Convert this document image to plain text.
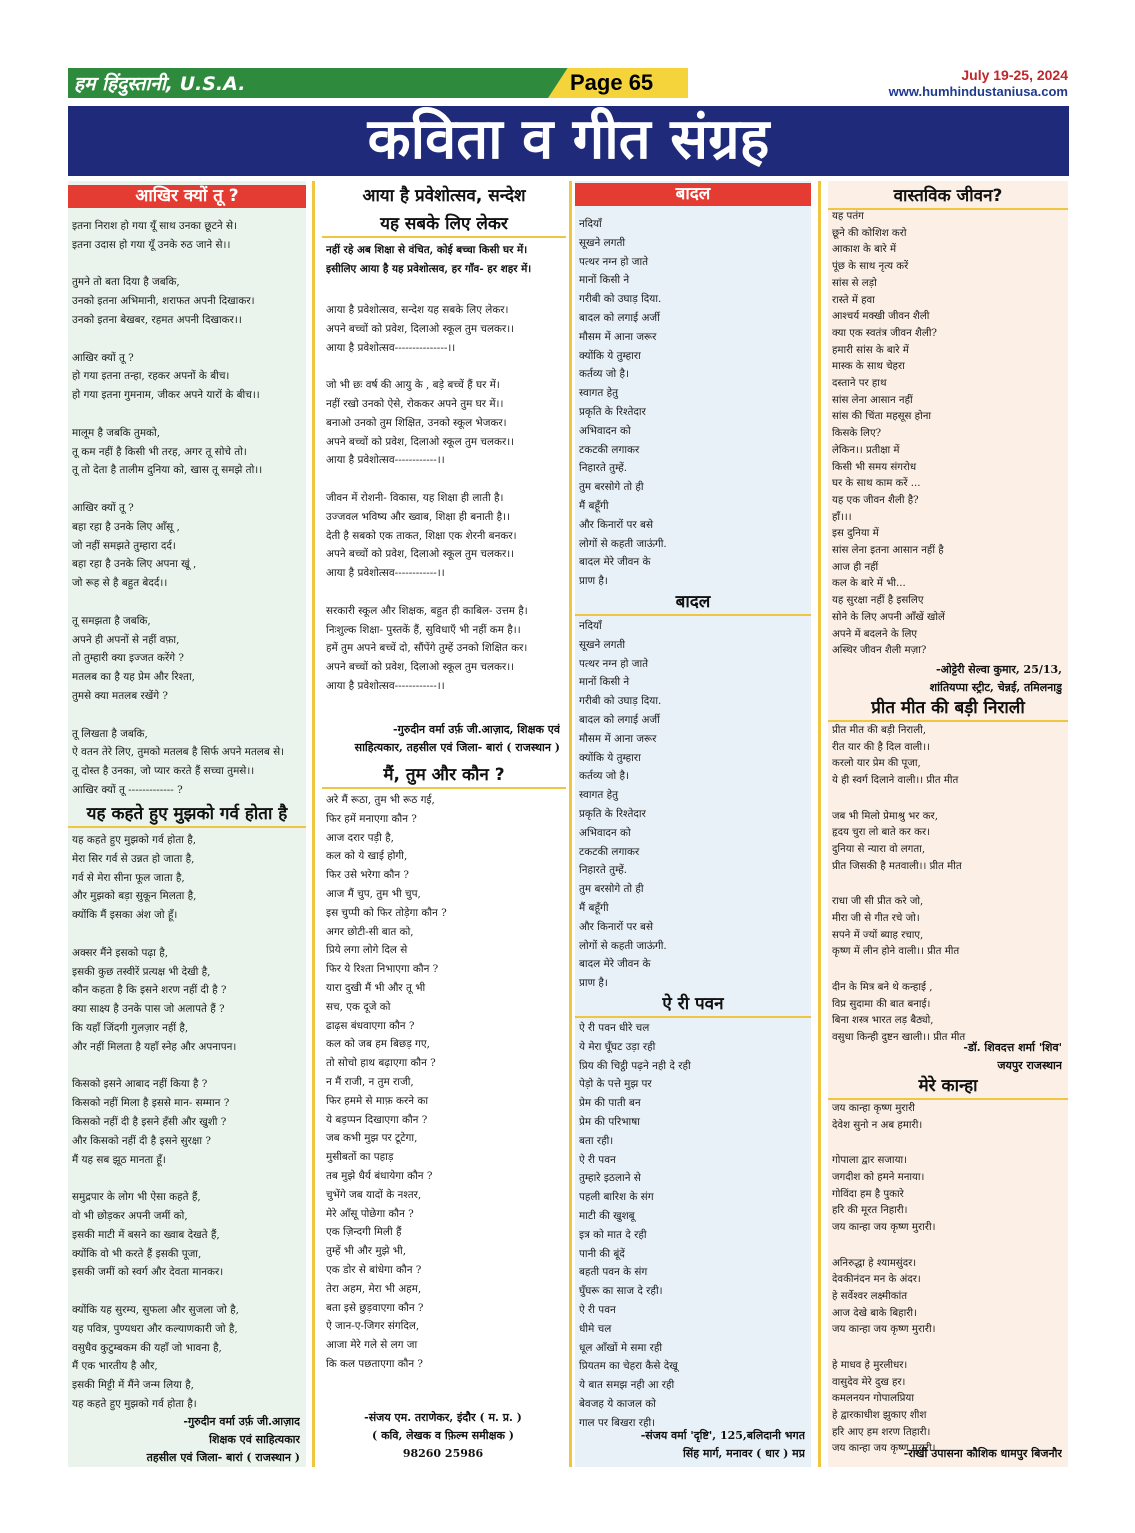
हम हिंदुस्तानी, U.S.A.	Page 65	July 19-25, 2024
www.humhindustaniusa.com
कविता व गीत संग्रह
आखिर क्यों तू ?

इतना निराश हो गया यूँ साथ उनका छूटने से।

इतना उदास हो गया यूँ उनके रुठ जाने से।।

तुमने तो बता दिया है जबकि,

उनको इतना अभिमानी, शराफत अपनी दिखाकर।

उनको इतना बेखबर, रहमत अपनी दिखाकर।।

आखिर क्यों तू ?

हो गया इतना तन्हा, रहकर अपनों के बीच।

हो गया इतना गुमनाम, जीकर अपने यारों के बीच।।

मालूम है जबकि तुमको,

तू कम नहीं है किसी भी तरह, अगर तू सोचे तो।

तू तो देता है तालीम दुनिया को, खास तू समझे तो।।

आखिर क्यों तू ?

बहा रहा है उनके लिए आँसू ,

जो नहीं समझते तुम्हारा दर्द।

बहा रहा है उनके लिए अपना खूं ,

जो रूह से है बहुत बेदर्द।।

तू समझता है जबकि,

अपने ही अपनों से नहीं वफ़ा,

तो तुम्हारी क्या इज्जत करेंगे ?

मतलब का है यह प्रेम और रिश्ता,

तुमसे क्या मतलब रखेंगे ?

तू लिखता है जबकि,

ऐ वतन तेरे लिए, तुमको मतलब है सिर्फ अपने मतलब से।

तू दोस्त है उनका, जो प्यार करते हैं सच्चा तुमसे।।

आखिर क्यों तू ------------- ?

यह कहते हुए मुझको गर्व होता है

यह कहते हुए मुझको गर्व होता है,

मेरा सिर गर्व से उन्नत हो जाता है,

गर्व से मेरा सीना फूल जाता है,

और मुझको बड़ा सुकून मिलता है,

क्योंकि मैं इसका अंश जो हूँ।

अक्सर मैंने इसको पढ़ा है,

इसकी कुछ तस्वीरें प्रत्यक्ष भी देखी है,

कौन कहता है कि इसने शरण नहीं दी है ?

क्या साक्ष्य है उनके पास जो अलापते हैं ?

कि यहाँ जिंदगी गुलज़ार नहीं है,

और नहीं मिलता है यहाँ स्नेह और अपनापन।

किसको इसने आबाद नहीं किया है ?

किसको नहीं मिला है इससे मान- सम्मान ?

किसको नहीं दी है इसने हँसी और खुशी ?

और किसको नहीं दी है इसने सुरक्षा ?

मैं यह सब झूठ मानता हूँ।

समुद्रपार के लोग भी ऐसा कहते हैं,

वो भी छोड़कर अपनी जमीं को,

इसकी माटी में बसने का ख्वाब देखते हैं,

क्योंकि वो भी करते हैं इसकी पूजा,

इसकी जमीं को स्वर्ग और देवता मानकर।

क्योंकि यह सुरम्य, सुफला और सुजला जो है,

यह पवित्र, पुण्यधरा और कल्याणकारी जो है,

वसुधैव कुटुम्बकम की यहाँ जो भावना है,

मैं एक भारतीय है और,

इसकी मिट्टी में मैंने जन्म लिया है,

यह कहते हुए मुझको गर्व होता है।

-गुरुदीन वर्मा उर्फ़ जी.आज़ाद

शिक्षक एवं साहित्यकार

तहसील एवं जिला- बारां ( राजस्थान )

आया है प्रवेशोत्सव, सन्देश
यह सबके लिए लेकर

नहीं रहे अब शिक्षा से वंचित, कोई बच्चा किसी घर में।

इसीलिए आया है यह प्रवेशोत्सव, हर गाँव- हर शहर में।

आया है प्रवेशोत्सव, सन्देश यह सबके लिए लेकर।

अपने बच्चों को प्रवेश, दिलाओ स्कूल तुम चलकर।।

आया है प्रवेशोत्सव---------------।।

जो भी छः वर्ष की आयु के , बड़े बच्चें हैं घर में।

नहीं रखो उनको ऐसे, रोककर अपने तुम घर में।।

बनाओ उनको तुम शिक्षित, उनको स्कूल भेजकर।

अपने बच्चों को प्रवेश, दिलाओ स्कूल तुम चलकर।।

आया है प्रवेशोत्सव------------।।

जीवन में रोशनी- विकास, यह शिक्षा ही लाती है।

उज्जवल भविष्य और ख्वाब, शिक्षा ही बनाती है।।

देती है सबको एक ताकत, शिक्षा एक शेरनी बनकर।

अपने बच्चों को प्रवेश, दिलाओ स्कूल तुम चलकर।।

आया है प्रवेशोत्सव------------।।

सरकारी स्कूल और शिक्षक, बहुत ही काबिल- उत्तम है।

निःशुल्क शिक्षा- पुस्तकें हैं, सुविधाएँ भी नहीं कम है।।

हमें तुम अपने बच्चें दो, सौंपेंगे तुम्हें उनको शिक्षित कर।

अपने बच्चों को प्रवेश, दिलाओ स्कूल तुम चलकर।।

आया है प्रवेशोत्सव------------।।

-गुरुदीन वर्मा उर्फ़ जी.आज़ाद, शिक्षक एवं

साहित्यकार, तहसील एवं जिला- बारां ( राजस्थान )

मैं, तुम और कौन ?

अरे मैं रूठा, तुम भी रूठ गई,

फिर हमें मनाएगा कौन ?

आज दरार पड़ी है,

कल को ये खाई होगी,

फिर उसे भरेगा कौन ?

आज मैं चुप, तुम भी चुप,

इस चुप्पी को फिर तोड़ेगा कौन ?

अगर छोटी-सी बात को,

प्रिये लगा लोगे दिल से

फिर ये रिश्ता निभाएगा कौन ?

यारा दुखी मैं भी और तू भी

सच, एक दूजे को

ढाढ़स बंधवाएगा कौन ?

कल को जब हम बिछड़ गए,

तो सोचो हाथ बढ़ाएगा कौन ?

न मैं राजी, न तुम राजी,

फिर हममे से माफ़ करने का

ये बड़प्पन दिखाएगा कौन ?

जब कभी मुझ पर टूटेगा,

मुसीबतों का पहाड़

तब मुझे धैर्य बंधायेगा कौन ?

चुभेंगे जब यादों के नश्तर,

मेरे आँसू पोछेगा कौन ?

एक ज़िन्दगी मिली हैं

तुम्हें भी और मुझे भी,

एक डोर से बांधेगा कौन ?

तेरा अहम, मेरा भी अहम,

बता इसे छुड़वाएगा कौन ?

ऐ जान-ए-जिगर संगदिल,

आजा मेरे गले से लग जा

कि कल पछताएगा कौन ?

-संजय एम. तराणेकर, इंदौर ( म. प्र. )

( कवि, लेखक व फ़िल्म समीक्षक )

98260 25986

बादल

नदियाँ

सूखने लगती

पत्थर नग्न हो जाते

मानों किसी ने

गरीबी को उघाड़ दिया.

बादल को लगाई अर्जी

मौसम में आना जरूर

क्योंकि ये तुम्हारा

कर्तव्य जो है।

स्वागत हेतु

प्रकृति के रिश्तेदार

अभिवादन को

टकटकी लगाकर

निहारते तुम्हें.

तुम बरसोगे तो ही

मैं बहूँगी

और किनारों पर बसे

लोगों से कहती जाऊंगी.

बादल मेरे जीवन के

प्राण है।

बादल

नदियाँ

सूखने लगती

पत्थर नग्न हो जाते

मानों किसी ने

गरीबी को उघाड़ दिया.

बादल को लगाई अर्जी

मौसम में आना जरूर

क्योंकि ये तुम्हारा

कर्तव्य जो है।

स्वागत हेतु

प्रकृति के रिश्तेदार

अभिवादन को

टकटकी लगाकर

निहारते तुम्हें.

तुम बरसोगे तो ही

मैं बहूँगी

और किनारों पर बसे

लोगों से कहती जाऊंगी.

बादल मेरे जीवन के

प्राण है।

ऐ री पवन

ऐ री पवन धीरे चल

ये मेरा घूँघट उड़ा रही

प्रिय की चिट्ठी पढ़ने नही दे रही

पेड़ो के पत्ते मुझ पर

प्रेम की पाती बन

प्रेम की परिभाषा

बता रही।

ऐ री पवन

तुम्हारे इठलाने से

पहली बारिश के संग

माटी की खुशबू

इत्र को मात दे रही

पानी की बूंदें

बहती पवन के संग

घुँघरू का साज दे रही।

ऐ री पवन

धीमे चल

धूल आँखों मे समा रही

प्रियतम का चेहरा कैसे देखू

ये बात समझ नही आ रही

बेवजह ये काजल को

गाल पर बिखरा रही।

-संजय वर्मा 'दृष्टि', 125,बलिदानी भगत

सिंह मार्ग, मनावर ( धार ) मप्र

वास्तविक जीवन?

यह पतंग

छूने की कोशिश करो

आकाश के बारे में

पूंछ के साथ नृत्य करें

सांस से लड़ो

रास्ते में हवा

आश्चर्य मक्खी जीवन शैली

क्या एक स्वतंत्र जीवन शैली?

हमारी सांस के बारे में

मास्क के साथ चेहरा

दस्ताने पर हाथ

सांस लेना आसान नहीं

सांस की चिंता महसूस होना

किसके लिए?

लेकिन।। प्रतीक्षा में

किसी भी समय संगरोध

घर के साथ काम करें ...

यह एक जीवन शैली है?

हाँ।।।

इस दुनिया में

सांस लेना इतना आसान नहीं है

आज ही नहीं

कल के बारे में भी...

यह सुरक्षा नहीं है इसलिए

सोने के लिए अपनी आँखें खोलें

अपने में बदलने के लिए

अस्थिर जीवन शैली मज़ा?

-ओट्टेरी सेल्वा कुमार, 25/13,

शांतियप्पा स्ट्रीट, चेन्नई, तमिलनाडु

प्रीत मीत की बड़ी निराली

प्रीत मीत की बड़ी निराली,

रीत यार की है दिल वाली।।

करलो यार प्रेम की पूजा,

ये ही स्वर्ग दिलाने वाली।। प्रीत मीत

जब भी मिलो प्रेमाश्रु भर कर,

हृदय चुरा लो बाते कर कर।

दुनिया से न्यारा वो लगता,

प्रीत जिसकी है मतवाली।। प्रीत मीत

राधा जी सी प्रीत करे जो,

मीरा जी से गीत रचे जो।

सपने में ज्यों ब्याह रचाए,

कृष्ण में लीन होने वाली।। प्रीत मीत

दीन के मित्र बने थे कन्हाई ,

विप्र सुदामा की बात बनाई।

बिना शस्त्र भारत लड़ बैठ्यो,

वसुधा किन्ही दुष्टन खाली।। प्रीत मीत

-डॉ. शिवदत्त शर्मा 'शिव'

जयपुर राजस्थान

मेरे कान्हा

जय कान्हा कृष्ण मुरारी

देवेश सुनो न अब हमारी।

गोपाला द्वार सजाया।

जगदीश को हमने मनाया।

गोविंदा हम है पुकारे

हरि की मूरत निहारी।

जय कान्हा जय कृष्ण मुरारी।

अनिरुद्धा हे श्यामसुंदर।

देवकीनंदन मन के अंदर।

हे सर्वेश्वर लक्ष्मीकांत

आज देखे बाके बिहारी।

जय कान्हा जय कृष्ण मुरारी।

हे माधव हे मुरलीधर।

वासुदेव मेरे दुख हर।

कमलनयन गोपालप्रिया

हे द्वारकाधीश झुकाए शीश

हरि आए हम शरण तिहारी।

जय कान्हा जय कृष्ण मुरारी।

-राखी उपासना कौशिक धामपुर बिजनौर
